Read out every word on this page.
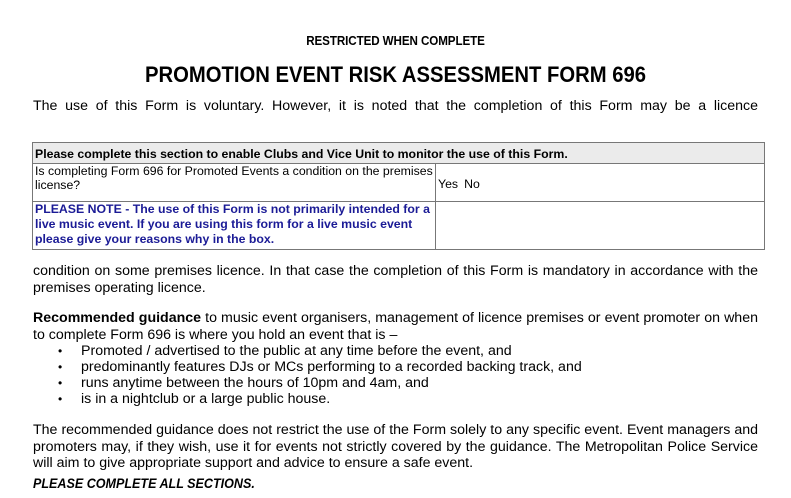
RESTRICTED WHEN COMPLETE
PROMOTION EVENT RISK ASSESSMENT FORM 696
The use of this Form is voluntary. However, it is noted that the completion of this Form may be a licence
Please complete this section to enable Clubs and Vice Unit to monitor the use of this Form.	
Is completing Form 696 for Promoted Events a condition on the premises license?	Yes No
PLEASE NOTE - The use of this Form is not primarily intended for a live music event. If you are using this form for a live music event please give your reasons why in the box.	
condition on some premises licence. In that case the completion of this Form is mandatory in accordance with the premises operating licence.
Recommended guidance to music event organisers, management of licence premises or event promoter on when to complete Form 696 is where you hold an event that is –
• Promoted / advertised to the public at any time before the event, and
• predominantly features DJs or MCs performing to a recorded backing track, and
• runs anytime between the hours of 10pm and 4am, and
• is in a nightclub or a large public house.
The recommended guidance does not restrict the use of the Form solely to any specific event. Event managers and promoters may, if they wish, use it for events not strictly covered by the guidance. The Metropolitan Police Service will aim to give appropriate support and advice to ensure a safe event.
PLEASE COMPLETE ALL SECTIONS.
